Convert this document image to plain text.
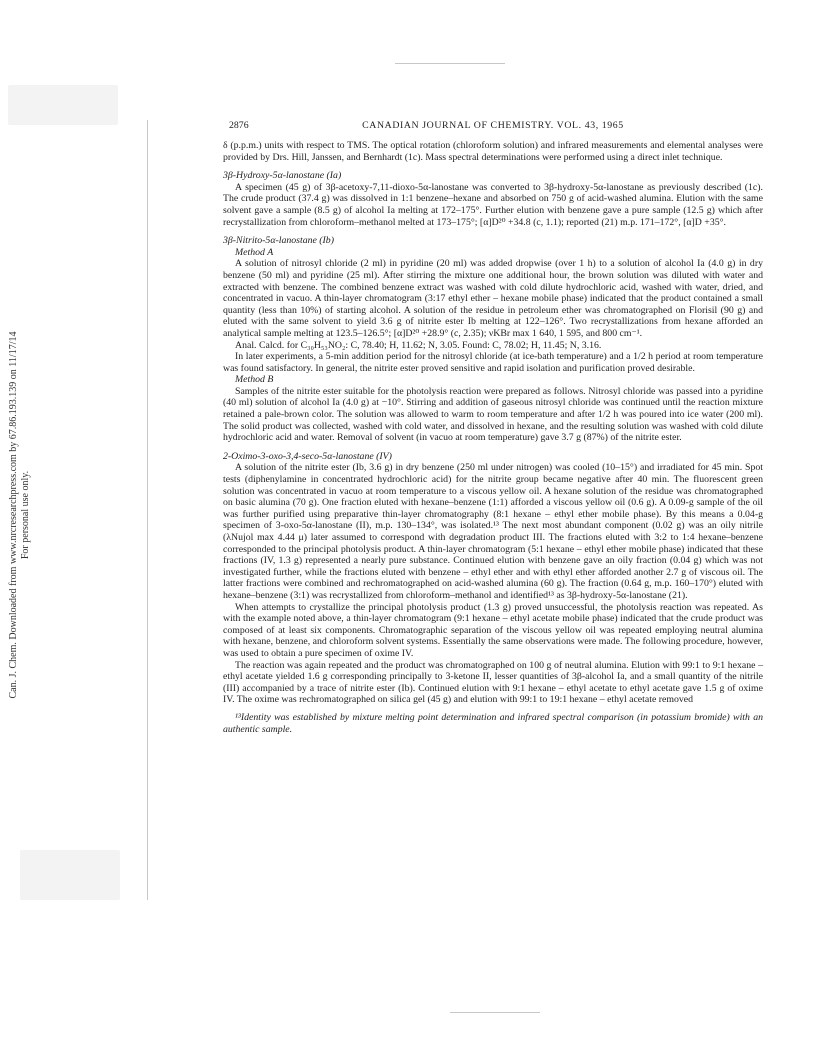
Can. J. Chem. Downloaded from www.nrcresearchpress.com by 67.86.193.139 on 11/17/14 For personal use only.
2876	CANADIAN JOURNAL OF CHEMISTRY. VOL. 43, 1965

δ (p.p.m.) units with respect to TMS. The optical rotation (chloroform solution) and infrared measurements and elemental analyses were provided by Drs. Hill, Janssen, and Bernhardt (1c). Mass spectral determinations were performed using a direct inlet technique.

3β-Hydroxy-5α-lanostane (Ia)

A specimen (45 g) of 3β-acetoxy-7,11-dioxo-5α-lanostane was converted to 3β-hydroxy-5α-lanostane as previously described (1c). The crude product (37.4 g) was dissolved in 1:1 benzene–hexane and absorbed on 750 g of acid-washed alumina. Elution with the same solvent gave a sample (8.5 g) of alcohol Ia melting at 172–175°. Further elution with benzene gave a pure sample (12.5 g) which after recrystallization from chloroform–methanol melted at 173–175°; [α]D²⁰ +34.8 (c, 1.1); reported (21) m.p. 171–172°, [α]D +35°.

3β-Nitrito-5α-lanostane (Ib)

Method A

A solution of nitrosyl chloride (2 ml) in pyridine (20 ml) was added dropwise (over 1 h) to a solution of alcohol Ia (4.0 g) in dry benzene (50 ml) and pyridine (25 ml). After stirring the mixture one additional hour, the brown solution was diluted with water and extracted with benzene. The combined benzene extract was washed with cold dilute hydrochloric acid, washed with water, dried, and concentrated in vacuo. A thin-layer chromatogram (3:17 ethyl ether – hexane mobile phase) indicated that the product contained a small quantity (less than 10%) of starting alcohol. A solution of the residue in petroleum ether was chromatographed on Florisil (90 g) and eluted with the same solvent to yield 3.6 g of nitrite ester Ib melting at 122–126°. Two recrystallizations from hexane afforded an analytical sample melting at 123.5–126.5°; [α]D²⁰ +28.9° (c, 2.35); νKBr max 1 640, 1 595, and 800 cm⁻¹.

Anal. Calcd. for C₃₀H₅₃NO₂: C, 78.40; H, 11.62; N, 3.05. Found: C, 78.02; H, 11.45; N, 3.16.

In later experiments, a 5-min addition period for the nitrosyl chloride (at ice-bath temperature) and a 1/2 h period at room temperature was found satisfactory. In general, the nitrite ester proved sensitive and rapid isolation and purification proved desirable.

Method B

Samples of the nitrite ester suitable for the photolysis reaction were prepared as follows. Nitrosyl chloride was passed into a pyridine (40 ml) solution of alcohol Ia (4.0 g) at −10°. Stirring and addition of gaseous nitrosyl chloride was continued until the reaction mixture retained a pale-brown color. The solution was allowed to warm to room temperature and after 1/2 h was poured into ice water (200 ml). The solid product was collected, washed with cold water, and dissolved in hexane, and the resulting solution was washed with cold dilute hydrochloric acid and water. Removal of solvent (in vacuo at room temperature) gave 3.7 g (87%) of the nitrite ester.

2-Oximo-3-oxo-3,4-seco-5α-lanostane (IV)

A solution of the nitrite ester (Ib, 3.6 g) in dry benzene (250 ml under nitrogen) was cooled (10–15°) and irradiated for 45 min. Spot tests (diphenylamine in concentrated hydrochloric acid) for the nitrite group became negative after 40 min. The fluorescent green solution was concentrated in vacuo at room temperature to a viscous yellow oil. A hexane solution of the residue was chromatographed on basic alumina (70 g). One fraction eluted with hexane–benzene (1:1) afforded a viscous yellow oil (0.6 g). A 0.09-g sample of the oil was further purified using preparative thin-layer chromatography (8:1 hexane – ethyl ether mobile phase). By this means a 0.04-g specimen of 3-oxo-5α-lanostane (II), m.p. 130–134°, was isolated.¹³ The next most abundant component (0.02 g) was an oily nitrile (λNujol max 4.44 μ) later assumed to correspond with degradation product III. The fractions eluted with 3:2 to 1:4 hexane–benzene corresponded to the principal photolysis product. A thin-layer chromatogram (5:1 hexane – ethyl ether mobile phase) indicated that these fractions (IV, 1.3 g) represented a nearly pure substance. Continued elution with benzene gave an oily fraction (0.04 g) which was not investigated further, while the fractions eluted with benzene – ethyl ether and with ethyl ether afforded another 2.7 g of viscous oil. The latter fractions were combined and rechromatographed on acid-washed alumina (60 g). The fraction (0.64 g, m.p. 160–170°) eluted with hexane–benzene (3:1) was recrystallized from chloroform–methanol and identified¹³ as 3β-hydroxy-5α-lanostane (21).

When attempts to crystallize the principal photolysis product (1.3 g) proved unsuccessful, the photolysis reaction was repeated. As with the example noted above, a thin-layer chromatogram (9:1 hexane – ethyl acetate mobile phase) indicated that the crude product was composed of at least six components. Chromatographic separation of the viscous yellow oil was repeated employing neutral alumina with hexane, benzene, and chloroform solvent systems. Essentially the same observations were made. The following procedure, however, was used to obtain a pure specimen of oxime IV.

The reaction was again repeated and the product was chromatographed on 100 g of neutral alumina. Elution with 99:1 to 9:1 hexane – ethyl acetate yielded 1.6 g corresponding principally to 3-ketone II, lesser quantities of 3β-alcohol Ia, and a small quantity of the nitrile (III) accompanied by a trace of nitrite ester (Ib). Continued elution with 9:1 hexane – ethyl acetate to ethyl acetate gave 1.5 g of oxime IV. The oxime was rechromatographed on silica gel (45 g) and elution with 99:1 to 19:1 hexane – ethyl acetate removed

¹³Identity was established by mixture melting point determination and infrared spectral comparison (in potassium bromide) with an authentic sample.
